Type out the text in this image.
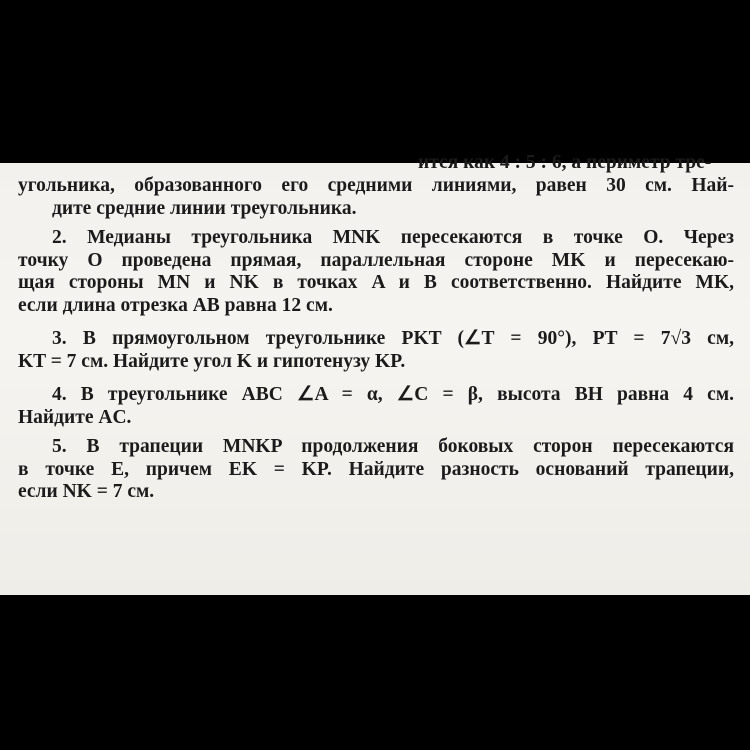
ится как 4 : 5 : 6, а периметр тре-
угольника, образованного его средними линиями, равен 30 см. Най-
дите средние линии треугольника.
2. Медианы треугольника MNK пересекаются в точке O. Через
точку O проведена прямая, параллельная стороне MK и пересекаю-
щая стороны MN и NK в точках A и B соответственно. Найдите MK,
если длина отрезка AB равна 12 см.
3. В прямоугольном треугольнике PKT (∠T = 90°), PT = 7√3 см,
KT = 7 см. Найдите угол K и гипотенузу KP.
4. В треугольнике ABC ∠A = α, ∠C = β, высота BH равна 4 см.
Найдите AC.
5. В трапеции MNKP продолжения боковых сторон пересекаются
в точке E, причем EK = KP. Найдите разность оснований трапеции,
если NK = 7 см.
